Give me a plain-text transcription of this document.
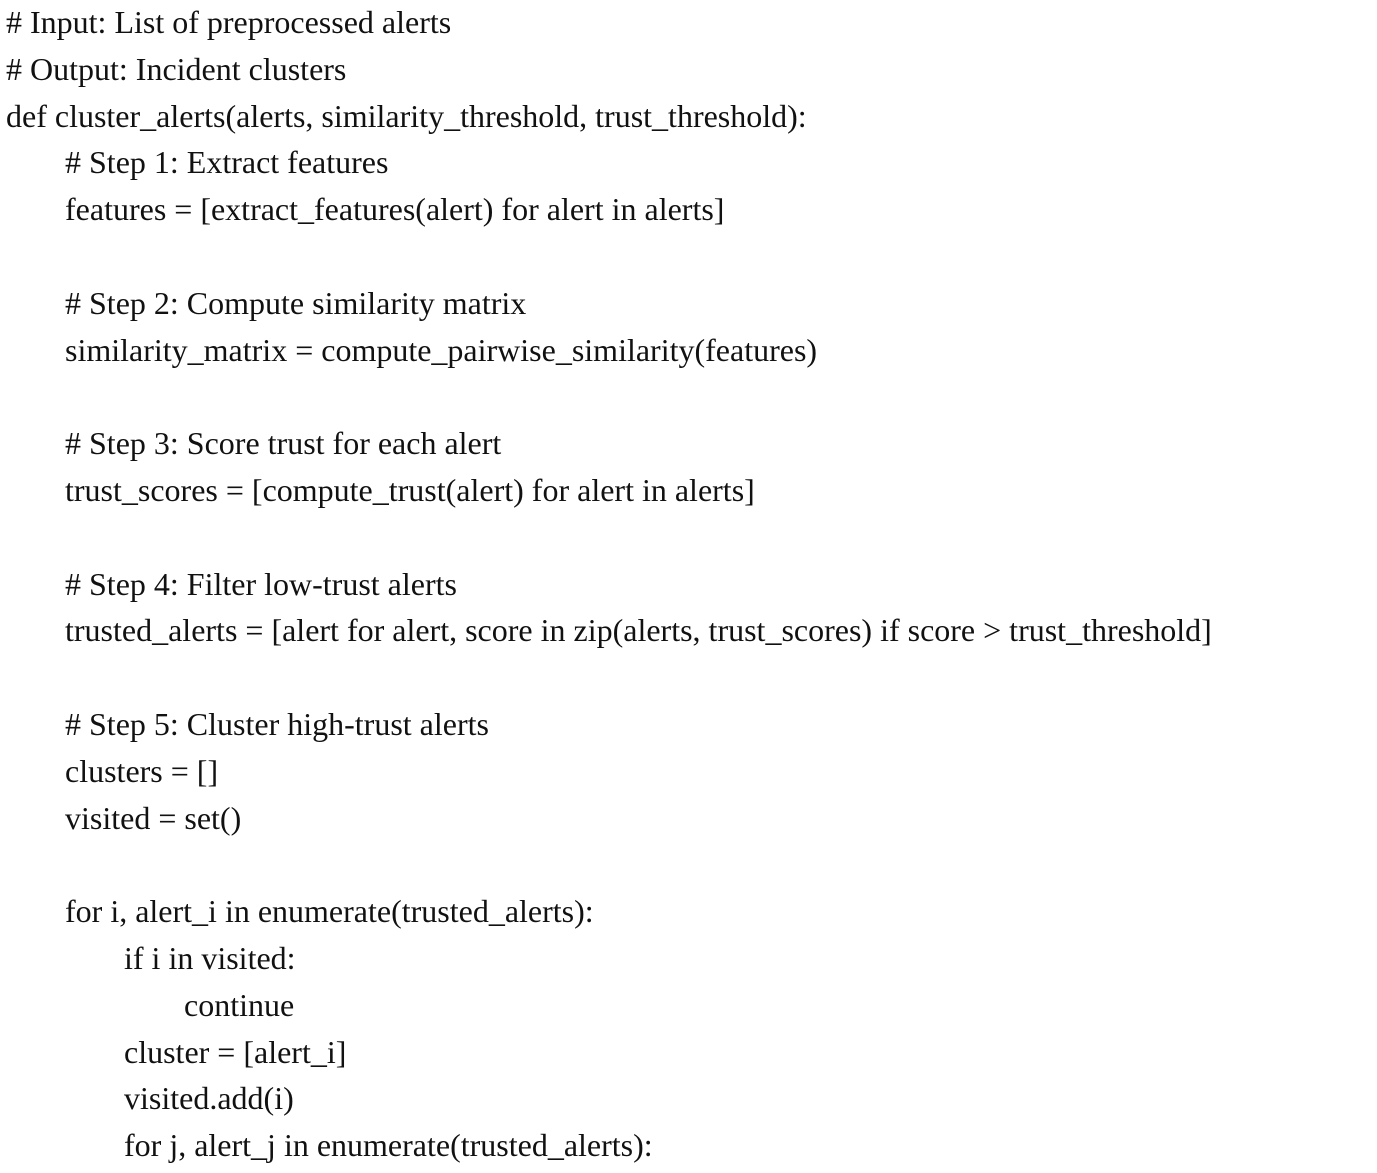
# Input: List of preprocessed alerts
# Output: Incident clusters
def cluster_alerts(alerts, similarity_threshold, trust_threshold):
# Step 1: Extract features
features = [extract_features(alert) for alert in alerts]
# Step 2: Compute similarity matrix
similarity_matrix = compute_pairwise_similarity(features)
# Step 3: Score trust for each alert
trust_scores = [compute_trust(alert) for alert in alerts]
# Step 4: Filter low-trust alerts
trusted_alerts = [alert for alert, score in zip(alerts, trust_scores) if score > trust_threshold]
# Step 5: Cluster high-trust alerts
clusters = []
visited = set()
for i, alert_i in enumerate(trusted_alerts):
if i in visited:
continue
cluster = [alert_i]
visited.add(i)
for j, alert_j in enumerate(trusted_alerts):
